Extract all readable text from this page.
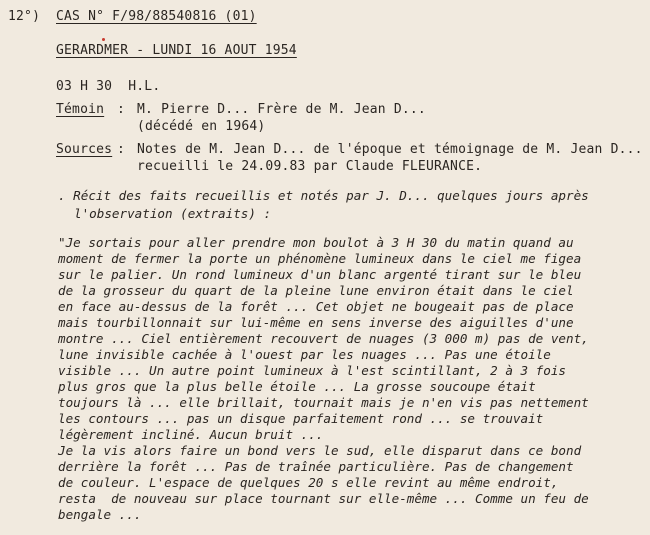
12°) CAS N° F/98/88540816 (01)
GERARDMER - LUNDI 16 AOUT 1954
03 H 30  H.L.
Témoin : M. Pierre D... Frère de M. Jean D...
(décédé en 1964)
Sources : Notes de M. Jean D... de l'époque et témoignage de M. Jean D...
recueilli le 24.09.83 par Claude FLEURANCE.
. Récit des faits recueillis et notés par J. D... quelques jours après
l'observation (extraits) :
"Je sortais pour aller prendre mon boulot à 3 H 30 du matin quand au
moment de fermer la porte un phénomène lumineux dans le ciel me figea
sur le palier. Un rond lumineux d'un blanc argenté tirant sur le bleu
de la grosseur du quart de la pleine lune environ était dans le ciel
en face au-dessus de la forêt ... Cet objet ne bougeait pas de place
mais tourbillonnait sur lui-même en sens inverse des aiguilles d'une
montre ... Ciel entièrement recouvert de nuages (3 000 m) pas de vent,
lune invisible cachée à l'ouest par les nuages ... Pas une étoile
visible ... Un autre point lumineux à l'est scintillant, 2 à 3 fois
plus gros que la plus belle étoile ... La grosse soucoupe était
toujours là ... elle brillait, tournait mais je n'en vis pas nettement
les contours ... pas un disque parfaitement rond ... se trouvait
légèrement incliné. Aucun bruit ...
Je la vis alors faire un bond vers le sud, elle disparut dans ce bond
derrière la forêt ... Pas de traînée particulière. Pas de changement
de couleur. L'espace de quelques 20 s elle revint au même endroit,
resta  de nouveau sur place tournant sur elle-même ... Comme un feu de
bengale ...
